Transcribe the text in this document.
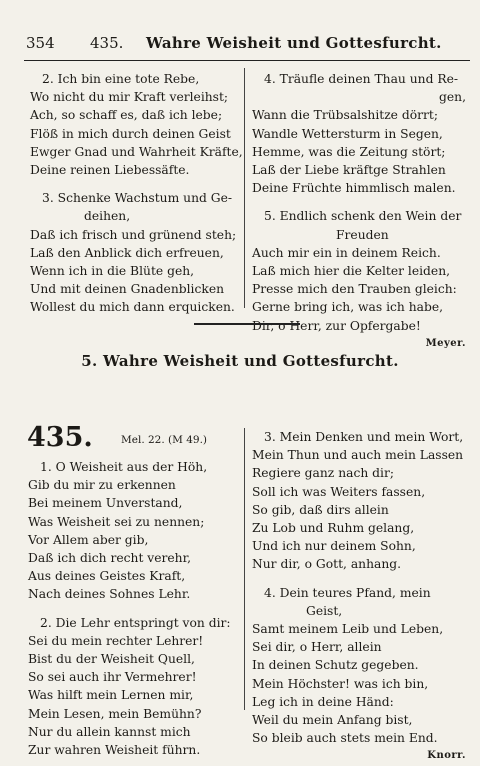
354 435. Wahre Weisheit und Gottesfurcht.
2. Ich bin eine tote Rebe,
Wo nicht du mir Kraft verleihst;
Ach, so schaff es, daß ich lebe;
Flöß in mich durch deinen Geist
Ewger Gnad und Wahrheit Kräfte,
Deine reinen Liebessäfte.
3. Schenke Wachstum und Ge-
deihen,
Daß ich frisch und grünend steh;
Laß den Anblick dich erfreuen,
Wenn ich in die Blüte geh,
Und mit deinen Gnadenblicken
Wollest du mich dann erquicken.
4. Träufle deinen Thau und Re-
gen,
Wann die Trübsalshitze dörrt;
Wandle Wettersturm in Segen,
Hemme, was die Zeitung stört;
Laß der Liebe kräftge Strahlen
Deine Früchte himmlisch malen.
5. Endlich schenk den Wein der
Freuden
Auch mir ein in deinem Reich.
Laß mich hier die Kelter leiden,
Presse mich den Trauben gleich:
Gerne bring ich, was ich habe,
Dir, o Herr, zur Opfergabe!
Meyer.
5. Wahre Weisheit und Gottesfurcht.
435.	Mel. 22. (M 49.)
1. O Weisheit aus der Höh,
Gib du mir zu erkennen
Bei meinem Unverstand,
Was Weisheit sei zu nennen;
Vor Allem aber gib,
Daß ich dich recht verehr,
Aus deines Geistes Kraft,
Nach deines Sohnes Lehr.
2. Die Lehr entspringt von dir:
Sei du mein rechter Lehrer!
Bist du der Weisheit Quell,
So sei auch ihr Vermehrer!
Was hilft mein Lernen mir,
Mein Lesen, mein Bemühn?
Nur du allein kannst mich
Zur wahren Weisheit führn.
3. Mein Denken und mein Wort,
Mein Thun und auch mein Lassen
Regiere ganz nach dir;
Soll ich was Weiters fassen,
So gib, daß dirs allein
Zu Lob und Ruhm gelang,
Und ich nur deinem Sohn,
Nur dir, o Gott, anhang.
4. Dein teures Pfand, mein
Geist,
Samt meinem Leib und Leben,
Sei dir, o Herr, allein
In deinen Schutz gegeben.
Mein Höchster! was ich bin,
Leg ich in deine Händ:
Weil du mein Anfang bist,
So bleib auch stets mein End.
Knorr.
